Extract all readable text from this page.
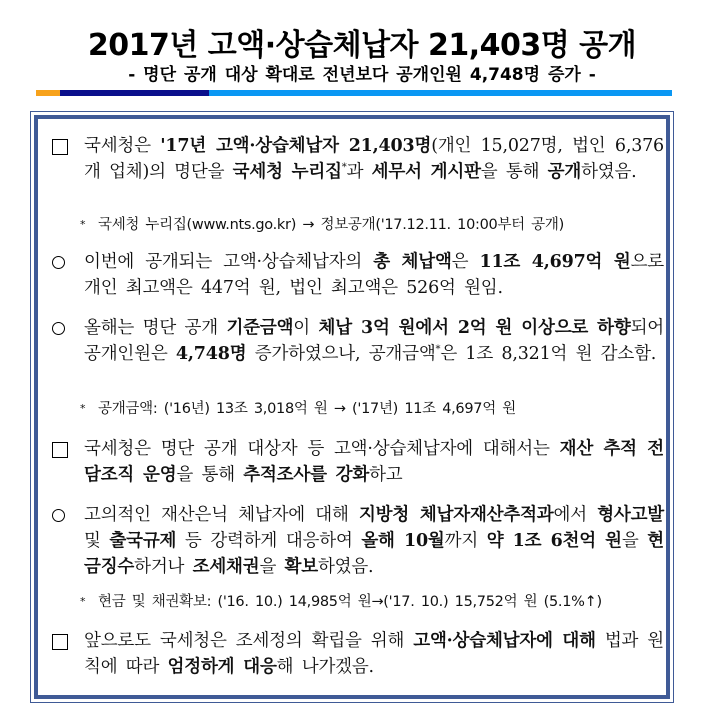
2017년 고액·상습체납자 21,403명 공개
- 명단 공개 대상 확대로 전년보다 공개인원 4,748명 증가 -
국세청은 '17년 고액·상습체납자 21,403명(개인 15,027명, 법인 6,376개 업체)의 명단을 국세청 누리집*과 세무서 게시판을 통해 공개하였음.
* 국세청 누리집(www.nts.go.kr) → 정보공개('17.12.11. 10:00부터 공개)
이번에 공개되는 고액·상습체납자의 총 체납액은 11조 4,697억 원으로 개인 최고액은 447억 원, 법인 최고액은 526억 원임.
올해는 명단 공개 기준금액이 체납 3억 원에서 2억 원 이상으로 하향되어 공개인원은 4,748명 증가하였으나, 공개금액*은 1조 8,321억 원 감소함.
* 공개금액: ('16년) 13조 3,018억 원 → ('17년) 11조 4,697억 원
국세청은 명단 공개 대상자 등 고액·상습체납자에 대해서는 재산 추적 전담조직 운영을 통해 추적조사를 강화하고
고의적인 재산은닉 체납자에 대해 지방청 체납자재산추적과에서 형사고발 및 출국규제 등 강력하게 대응하여 올해 10월까지 약 1조 6천억 원을 현금징수하거나 조세채권을 확보하였음.
* 현금 및 채권확보: ('16. 10.) 14,985억 원→('17. 10.) 15,752억 원 (5.1%↑)
앞으로도 국세청은 조세정의 확립을 위해 고액·상습체납자에 대해 법과 원칙에 따라 엄정하게 대응해 나가겠음.
